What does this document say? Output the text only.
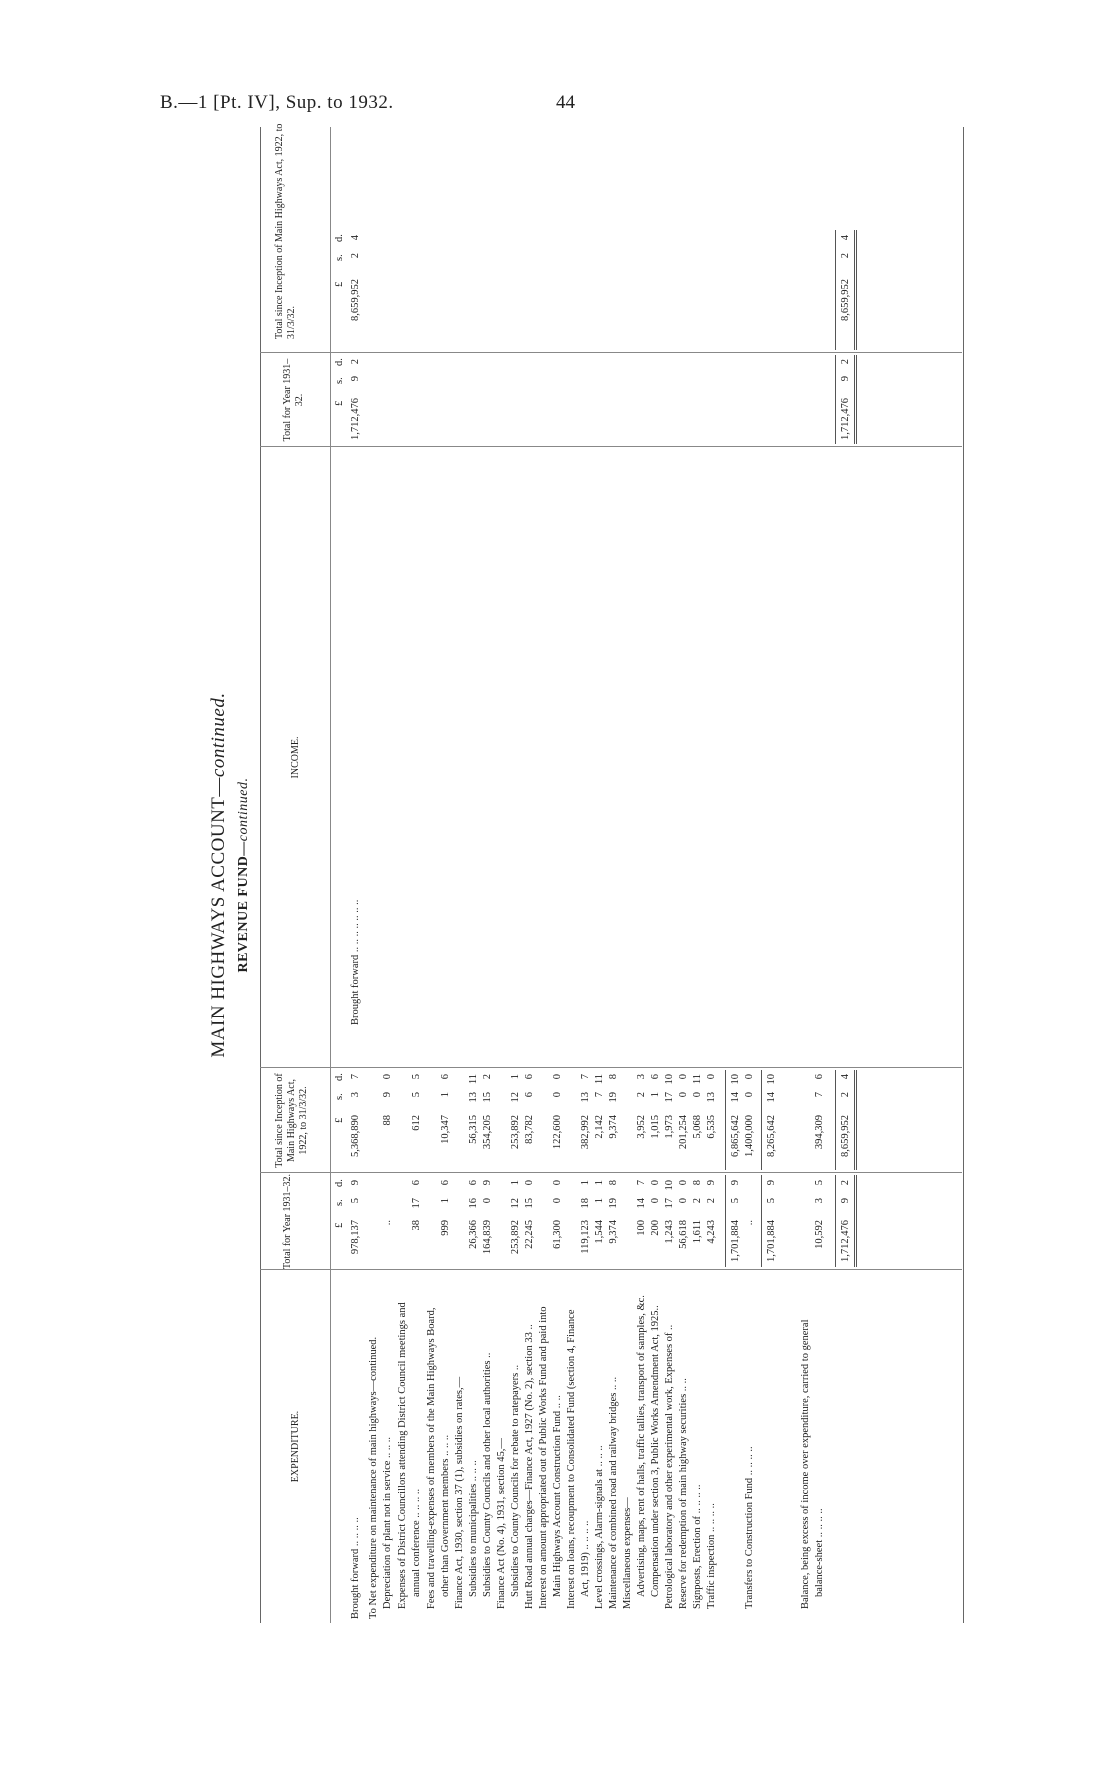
B.—1 [Pt. IV], Sup. to 1932.	44
MAIN HIGHWAYS ACCOUNT—continued.
REVENUE FUND—continued.
EXPENDITURE.
Total for Year 1931–32.
Total since Inception of Main Highways Act, 1922, to 31/3/32.
INCOME.
Total for Year 1931–32.
Total since Inception of Main Highways Act, 1922, to 31/3/32.
Brought forward .. .. .. ..
978,137
5
9
5,368,890
3
7
To Net expenditure on maintenance of main highways—continued. Depreciation of plant not in service .. .. ..
..
88
9
0
Expenses of District Councillors attending District Council meetings and annual conference .. .. .. ..
38
17
6
612
5
5
Fees and travelling-expenses of members of the Main Highways Board, other than Government members .. .. ..
999
1
6
10,347
1
6
Finance Act, 1930, section 37 (1), subsidies on rates,— Subsidies to municipalities .. .. ..
26,366
16
6
56,315
13
11
Subsidies to County Councils and other local authorities ..
164,839
0
9
354,205
15
2
Finance Act (No. 4), 1931, section 45,— Subsidies to County Councils for rebate to ratepayers ..
253,892
12
1
253,892
12
1
Hutt Road annual charges—Finance Act, 1927 (No. 2), section 33 ..
22,245
15
0
83,782
6
6
Interest on amount appropriated out of Public Works Fund and paid into Main Highways Account Construction Fund .. ..
61,300
0
0
122,600
0
0
Interest on loans, recoupment to Consolidated Fund (section 4, Finance Act, 1919) .. .. .. ..
119,123
18
1
382,992
13
7
Level crossings, Alarm-signals at .. .. ..
1,544
1
1
2,142
7
11
Maintenance of combined road and railway bridges .. ..
9,374
19
8
9,374
19
8
Miscellaneous expenses— Advertising, maps, rent of halls, traffic tallies, transport of samples, &c.
100
14
7
3,952
2
3
Compensation under section 3, Public Works Amendment Act, 1925..
200
0
0
1,015
1
6
Petrological laboratory and other experimental work, Expenses of ..
1,243
17
10
1,973
17
10
Reserve for redemption of main highway securities .. ..
56,618
0
0
201,254
0
0
Signposts, Erection of .. .. .. ..
1,611
2
8
5,068
0
11
Traffic inspection .. .. .. ..
4,243
2
9
6,535
13
0
1,701,884
5
9
6,865,642
14
10
Transfers to Construction Fund .. .. .. ..
..
1,400,000
0
0
1,701,884
5
9
8,265,642
14
10
Balance, being excess of income over expenditure, carried to general balance-sheet .. .. .. ..
10,592
3
5
394,309
7
6
1,712,476
9
2
8,659,952
2
4
Brought forward .. .. .. .. .. .. ..
1,712,476
9
2
8,659,952
2
4
1,712,476
9
2
8,659,952
2
4
£
£
£
£
s.
d.
s.
d.
s.
d.
s.
d.
